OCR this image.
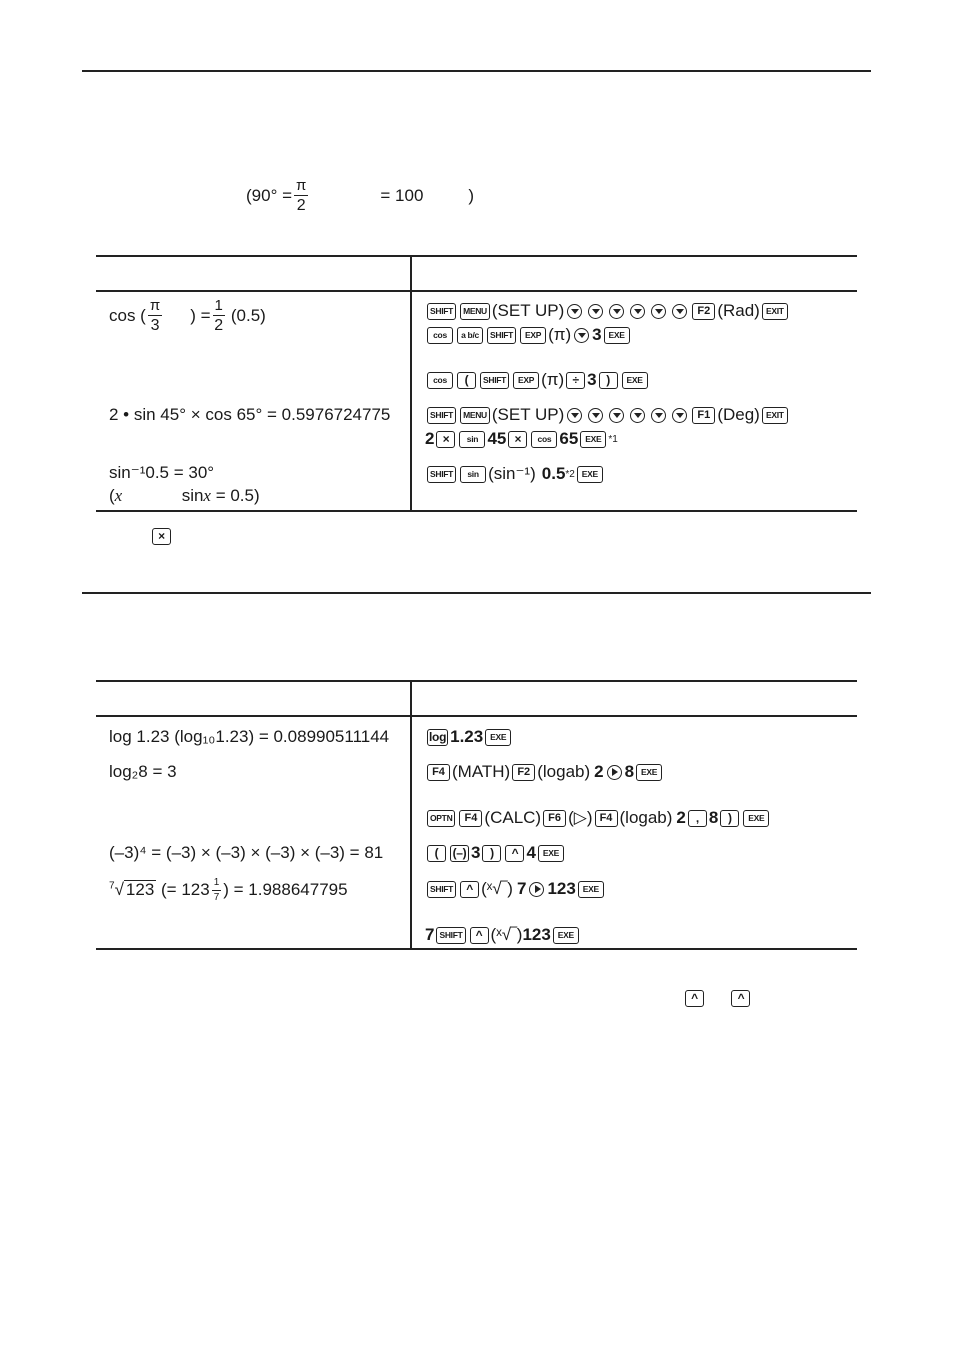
($90^\circ = \frac{\pi}{2}$	= 100	)
cos ( $\frac{\pi}{3}$ ) = $\frac{1}{2} (0.5)$	SHIFT	MENU (SET UP)	F2 (Rad) EXIT
cos	a b/c	SHIFT	EXP (π) 3 EXE
cos	(	SHIFT	EXP (π) ÷ 3 )	EXE
2 • sin 45° × cos 65° = 0.5976724775	SHIFT	MENU (SET UP)	F1 (Deg) EXIT
2 ×	sin 45 ×	cos 65 EXE *1
sin⁻¹0.5 = 30°
(x	sinx = 0.5)
SHIFT	sin (sin⁻¹) 0.5 *2 EXE
×
log 1.23 (log₁₀1.23) = 0.08990511144	log 1.23 EXE
log₂8 = 3	F4 (MATH) F2 (logab) 2 8 EXE
OPTN	F4 (CALC) F6 (▷) F4 (logab) 2 , 8 )	EXE
(–3)⁴ = (–3) × (–3) × (–3) × (–3) = 81	(	(–) 3 )	^ 4 EXE
$^7$√ 123 (= $123 \frac{1}{7}$ ) = 1.988647795	SHIFT	^ (ˣ√‾) 7 123 EXE
7 SHIFT	^ (ˣ√‾) 123 EXE
^	^
